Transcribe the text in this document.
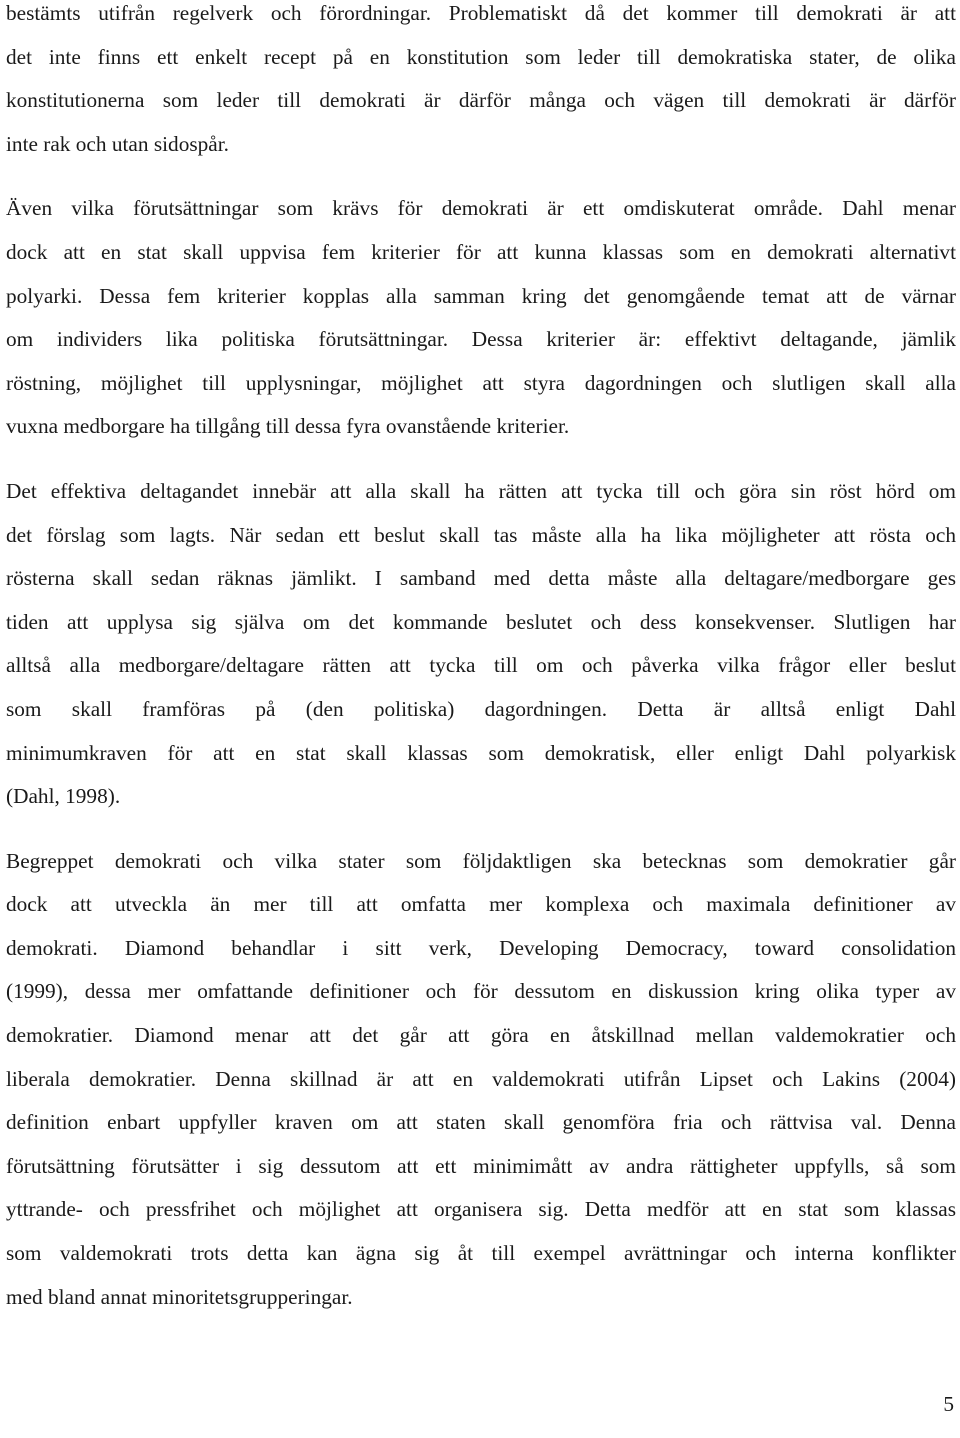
bestämts utifrån regelverk och förordningar. Problematiskt då det kommer till demokrati är att
det inte finns ett enkelt recept på en konstitution som leder till demokratiska stater, de olika
konstitutionerna som leder till demokrati är därför många och vägen till demokrati är därför
inte rak och utan sidospår.
Även vilka förutsättningar som krävs för demokrati är ett omdiskuterat område. Dahl menar
dock att en stat skall uppvisa fem kriterier för att kunna klassas som en demokrati alternativt
polyarki. Dessa fem kriterier kopplas alla samman kring det genomgående temat att de värnar
om individers lika politiska förutsättningar. Dessa kriterier är: effektivt deltagande, jämlik
röstning, möjlighet till upplysningar, möjlighet att styra dagordningen och slutligen skall alla
vuxna medborgare ha tillgång till dessa fyra ovanstående kriterier.
Det effektiva deltagandet innebär att alla skall ha rätten att tycka till och göra sin röst hörd om
det förslag som lagts. När sedan ett beslut skall tas måste alla ha lika möjligheter att rösta och
rösterna skall sedan räknas jämlikt. I samband med detta måste alla deltagare/medborgare ges
tiden att upplysa sig själva om det kommande beslutet och dess konsekvenser. Slutligen har
alltså alla medborgare/deltagare rätten att tycka till om och påverka vilka frågor eller beslut
som skall framföras på (den politiska) dagordningen. Detta är alltså enligt Dahl
minimumkraven för att en stat skall klassas som demokratisk, eller enligt Dahl polyarkisk
(Dahl, 1998).
Begreppet demokrati och vilka stater som följdaktligen ska betecknas som demokratier går
dock att utveckla än mer till att omfatta mer komplexa och maximala definitioner av
demokrati. Diamond behandlar i sitt verk, Developing Democracy, toward consolidation
(1999), dessa mer omfattande definitioner och för dessutom en diskussion kring olika typer av
demokratier. Diamond menar att det går att göra en åtskillnad mellan valdemokratier och
liberala demokratier. Denna skillnad är att en valdemokrati utifrån Lipset och Lakins (2004)
definition enbart uppfyller kraven om att staten skall genomföra fria och rättvisa val. Denna
förutsättning förutsätter i sig dessutom att ett minimimått av andra rättigheter uppfylls, så som
yttrande- och pressfrihet och möjlighet att organisera sig. Detta medför att en stat som klassas
som valdemokrati trots detta kan ägna sig åt till exempel avrättningar och interna konflikter
med bland annat minoritetsgrupperingar.
5
